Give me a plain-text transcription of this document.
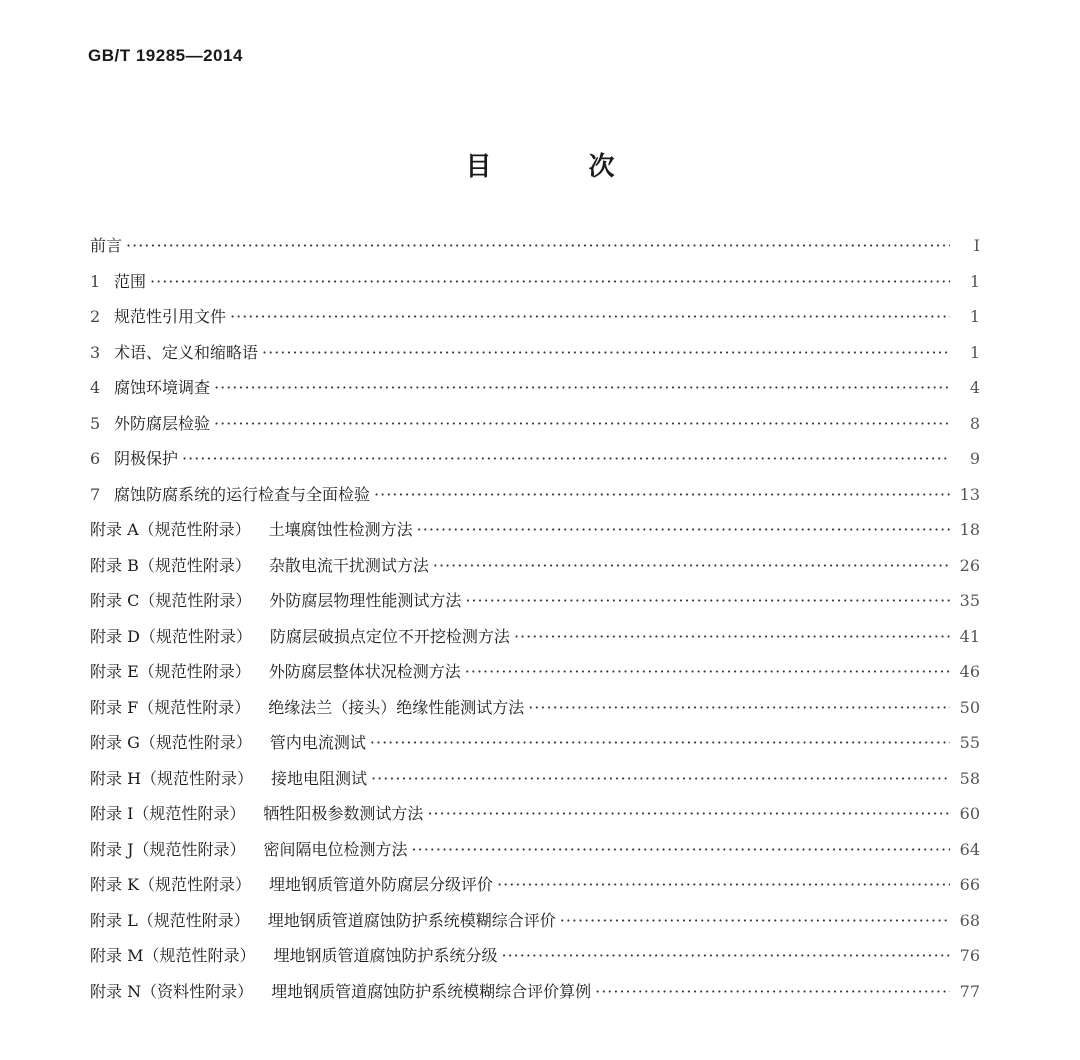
GB/T 19285—2014
目 次
前言 ·····	I
1 范围 ·····	1
2 规范性引用文件 ·····	1
3 术语、定义和缩略语 ·····	1
4 腐蚀环境调查 ·····	4
5 外防腐层检验 ·····	8
6 阴极保护 ·····	9
7 腐蚀防腐系统的运行检查与全面检验 ·····	13
附录 A（规范性附录） 土壤腐蚀性检测方法 ·····	18
附录 B（规范性附录） 杂散电流干扰测试方法 ·····	26
附录 C（规范性附录） 外防腐层物理性能测试方法 ·····	35
附录 D（规范性附录） 防腐层破损点定位不开挖检测方法 ·····	41
附录 E（规范性附录） 外防腐层整体状况检测方法 ·····	46
附录 F（规范性附录） 绝缘法兰（接头）绝缘性能测试方法 ·····	50
附录 G（规范性附录） 管内电流测试 ·····	55
附录 H（规范性附录） 接地电阻测试 ·····	58
附录 I（规范性附录） 牺牲阳极参数测试方法 ·····	60
附录 J（规范性附录） 密间隔电位检测方法 ·····	64
附录 K（规范性附录） 埋地钢质管道外防腐层分级评价 ·····	66
附录 L（规范性附录） 埋地钢质管道腐蚀防护系统模糊综合评价 ·····	68
附录 M（规范性附录） 埋地钢质管道腐蚀防护系统分级 ·····	76
附录 N（资料性附录） 埋地钢质管道腐蚀防护系统模糊综合评价算例 ·····	77
